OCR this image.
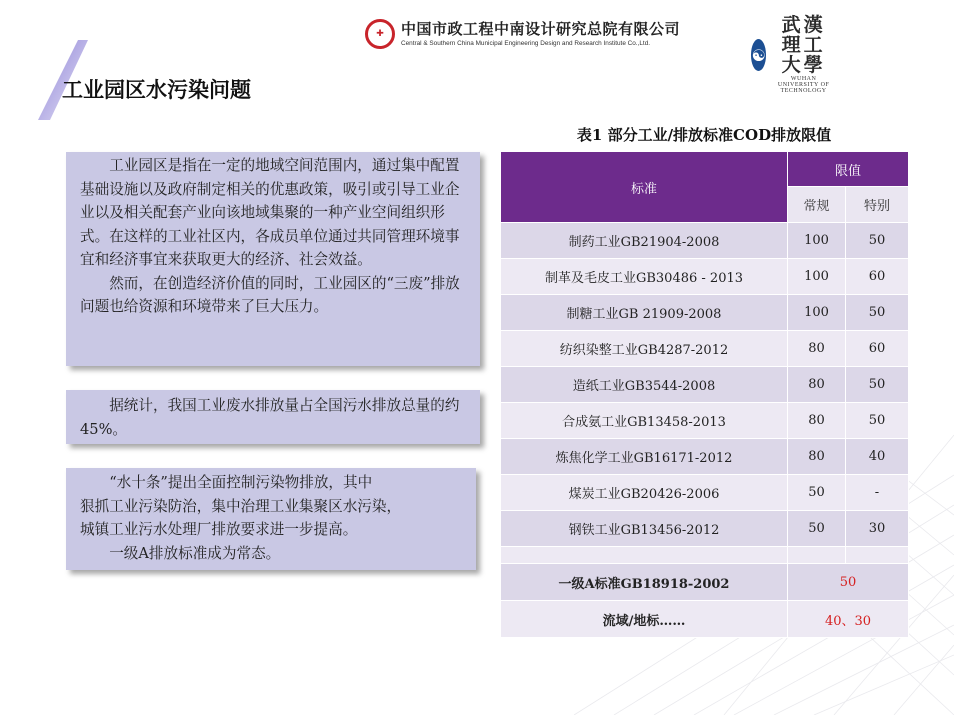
✚	中国市政工程中南设计研究总院有限公司
Central & Southern China Municipal Engineering Design and Research Institute Co.,Ltd.
☯
武漢理工大學
WUHAN UNIVERSITY OF TECHNOLOGY
工业园区水污染问题

工业园区是指在一定的地域空间范围内，通过集中配置基础设施以及政府制定相关的优惠政策，吸引或引导工业企业以及相关配套产业向该地域集聚的一种产业空间组织形式。在这样的工业社区内，各成员单位通过共同管理环境事宜和经济事宜来获取更大的经济、社会效益。

然而，在创造经济价值的同时，工业园区的“三废”排放问题也给资源和环境带来了巨大压力。

据统计，我国工业废水排放量占全国污水排放总量的约45%。

“水十条”提出全面控制污染物排放，其中

狠抓工业污染防治，集中治理工业集聚区水污染，

城镇工业污水处理厂排放要求进一步提高。

一级A排放标准成为常态。

表1 部分工业/排放标准COD排放限值
标准	限值	
	常规	特别
制药工业GB21904-2008	100	50
制革及毛皮工业GB30486 - 2013	100	60
制糖工业GB 21909-2008	100	50
纺织染整工业GB4287-2012	80	60
造纸工业GB3544-2008	80	50
合成氨工业GB13458-2013	80	50
炼焦化学工业GB16171-2012	80	40
煤炭工业GB20426-2006	50	-
钢铁工业GB13456-2012	50	30

一级A标准GB18918-2002	50	
流域/地标……	40、30	
